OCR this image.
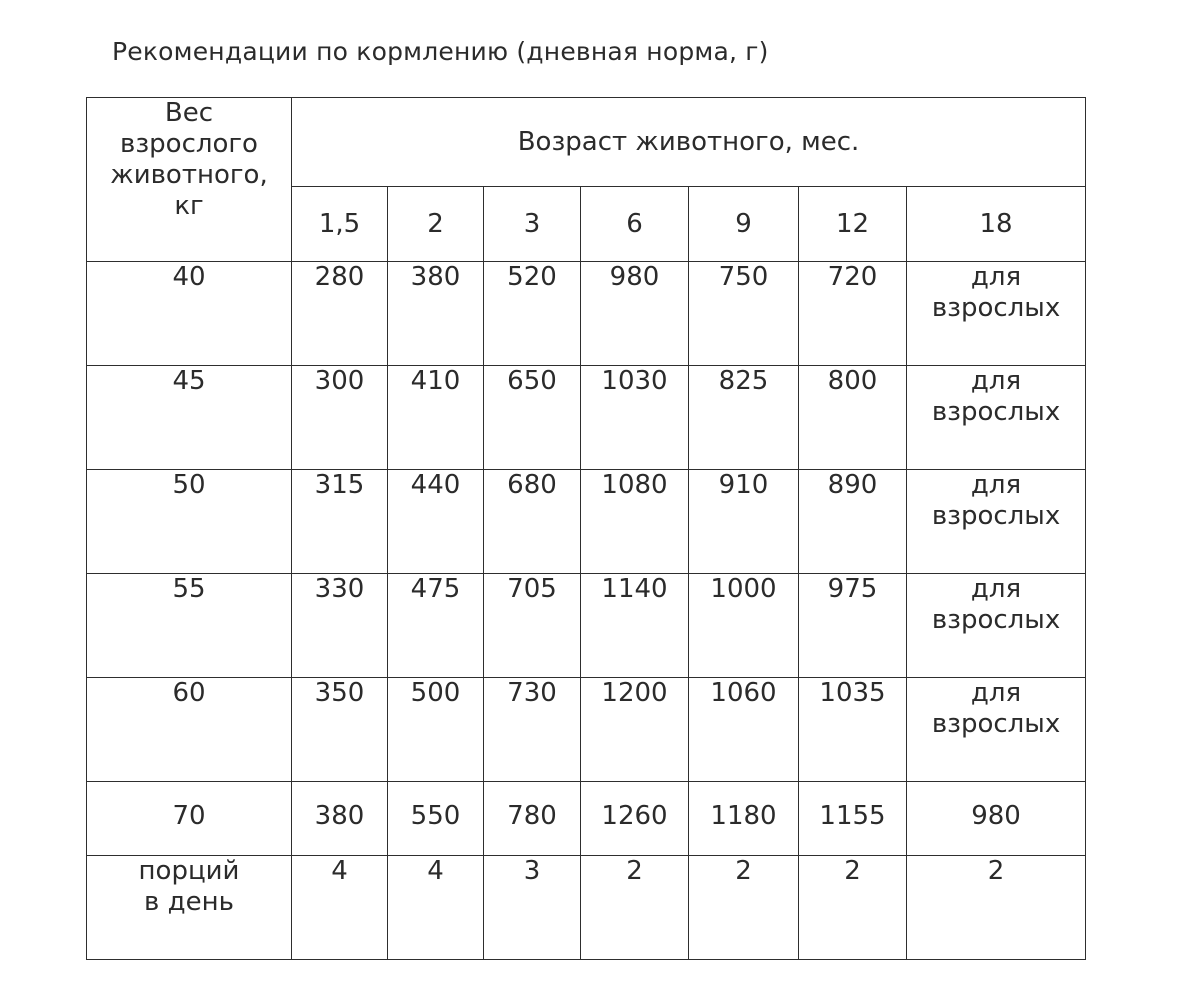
Рекомендации по кормлению (дневная норма, г)
Вес
взрослого
животного,
кг	Возраст животного, мес.						
	1,5	2	3	6	9	12	18
40	280	380	520	980	750	720	для
взрослых
45	300	410	650	1030	825	800	для
взрослых
50	315	440	680	1080	910	890	для
взрослых
55	330	475	705	1140	1000	975	для
взрослых
60	350	500	730	1200	1060	1035	для
взрослых
70	380	550	780	1260	1180	1155	980
порций
в день	4	4	3	2	2	2	2
